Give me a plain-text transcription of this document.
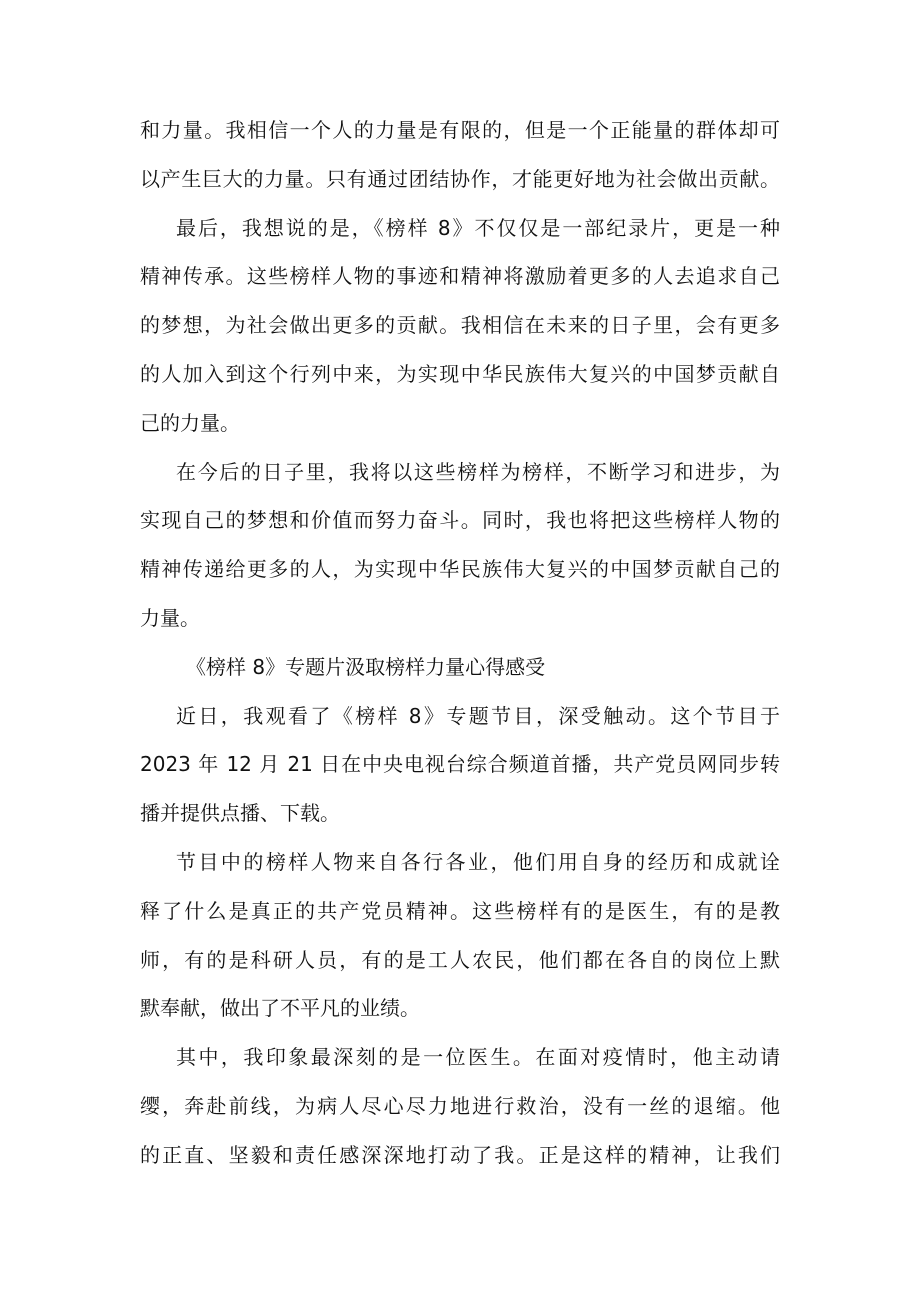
和力量。我相信一个人的力量是有限的，但是一个正能量的群体却可
以产生巨大的力量。只有通过团结协作，才能更好地为社会做出贡献。
最后，我想说的是，《榜样 8》不仅仅是一部纪录片，更是一种
精神传承。这些榜样人物的事迹和精神将激励着更多的人去追求自己
的梦想，为社会做出更多的贡献。我相信在未来的日子里，会有更多
的人加入到这个行列中来，为实现中华民族伟大复兴的中国梦贡献自
己的力量。
在今后的日子里，我将以这些榜样为榜样，不断学习和进步，为
实现自己的梦想和价值而努力奋斗。同时，我也将把这些榜样人物的
精神传递给更多的人，为实现中华民族伟大复兴的中国梦贡献自己的
力量。
《榜样 8》专题片汲取榜样力量心得感受
近日，我观看了《榜样 8》专题节目，深受触动。这个节目于
2023 年 12 月 21 日在中央电视台综合频道首播，共产党员网同步转
播并提供点播、下载。
节目中的榜样人物来自各行各业，他们用自身的经历和成就诠
释了什么是真正的共产党员精神。这些榜样有的是医生，有的是教
师，有的是科研人员，有的是工人农民，他们都在各自的岗位上默
默奉献，做出了不平凡的业绩。
其中，我印象最深刻的是一位医生。在面对疫情时，他主动请
缨，奔赴前线，为病人尽心尽力地进行救治，没有一丝的退缩。他
的正直、坚毅和责任感深深地打动了我。正是这样的精神，让我们
